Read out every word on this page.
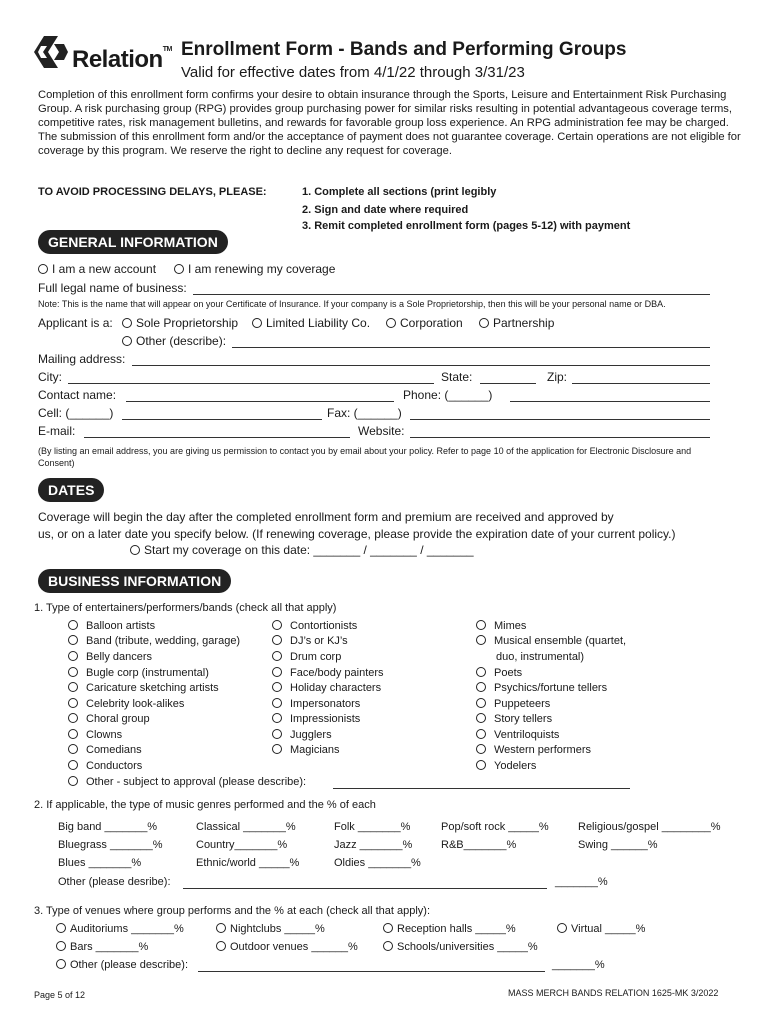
Relation™ Enrollment Form - Bands and Performing Groups
Valid for effective dates from 4/1/22 through 3/31/23
Completion of this enrollment form confirms your desire to obtain insurance through the Sports, Leisure and Entertainment Risk Purchasing Group. A risk purchasing group (RPG) provides group purchasing power for similar risks resulting in potential advantageous coverage terms, competitive rates, risk management bulletins, and rewards for favorable group loss experience. An RPG administration fee may be charged. The submission of this enrollment form and/or the acceptance of payment does not guarantee coverage. Certain operations are not eligible for coverage by this program. We reserve the right to decline any request for coverage.
TO AVOID PROCESSING DELAYS, PLEASE:	1. Complete all sections (print legibly
2. Sign and date where required
3. Remit completed enrollment form (pages 5-12) with payment
GENERAL INFORMATION
I am a new account	I am renewing my coverage
Full legal name of business:
Note: This is the name that will appear on your Certificate of Insurance. If your company is a Sole Proprietorship, then this will be your personal name or DBA.
Applicant is a:	Sole Proprietorship	Limited Liability Co.	Corporation	Partnership
Other (describe):
Mailing address:
City:	State:	Zip:
Contact name:	Phone: (______)
Cell: (______)	Fax: (______)
E-mail:	Website:
(By listing an email address, you are giving us permission to contact you by email about your policy. Refer to page 10 of the application for Electronic Disclosure and Consent)
DATES
Coverage will begin the day after the completed enrollment form and premium are received and approved by
us, or on a later date you specify below. (If renewing coverage, please provide the expiration date of your current policy.)
Start my coverage on this date: _______ / _______ / _______
BUSINESS INFORMATION
1. Type of entertainers/performers/bands (check all that apply)
Balloon artists
Band (tribute, wedding, garage)
Belly dancers
Bugle corp (instrumental)
Caricature sketching artists
Celebrity look-alikes
Choral group
Clowns
Comedians
Conductors
Contortionists
DJ’s or KJ’s
Drum corp
Face/body painters
Holiday characters
Impersonators
Impressionists
Jugglers
Magicians
Mimes
Musical ensemble (quartet,
duo, instrumental)
Poets
Psychics/fortune tellers
Puppeteers
Story tellers
Ventriloquists
Western performers
Yodelers
Other - subject to approval (please describe):
2. If applicable, the type of music genres performed and the % of each
Big band _______%	Classical _______%	Folk _______%	Pop/soft rock _____%	Religious/gospel ________%
Bluegrass _______%	Country_______%	Jazz _______%	R&B_______%	Swing ______%
Blues _______%	Ethnic/world _____%	Oldies _______%
Other (please desribe):	_______%
3. Type of venues where group performs and the % at each (check all that apply):
Auditoriums _______%	Nightclubs _____%	Reception halls _____%	Virtual _____%
Bars _______%	Outdoor venues ______%	Schools/universities _____%
Other (please describe):	_______%
Page 5 of 12	MASS MERCH BANDS RELATION 1625-MK 3/2022
